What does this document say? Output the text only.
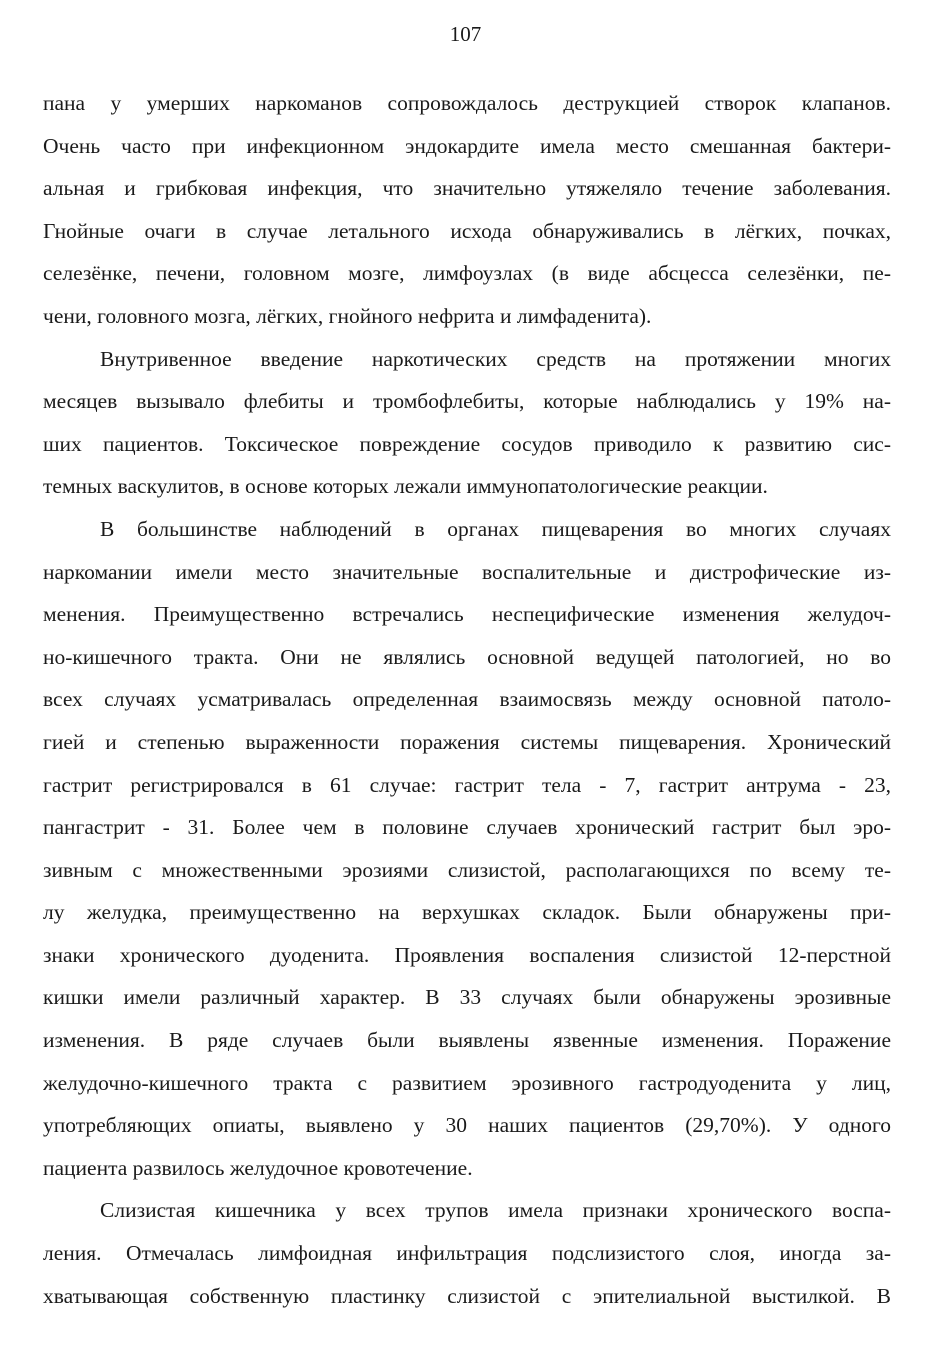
107
пана у умерших наркоманов сопровождалось деструкцией створок клапанов.
Очень часто при инфекционном эндокардите имела место смешанная бактери-
альная и грибковая инфекция, что значительно утяжеляло течение заболевания.
Гнойные очаги в случае летального исхода обнаруживались в лёгких, почках,
селезёнке, печени, головном мозге, лимфоузлах (в виде абсцесса селезёнки, пе-
чени, головного мозга, лёгких, гнойного нефрита и лимфаденита).
Внутривенное введение наркотических средств на протяжении многих
месяцев вызывало флебиты и тромбофлебиты, которые наблюдались у 19% на-
ших пациентов. Токсическое повреждение сосудов приводило к развитию сис-
темных васкулитов, в основе которых лежали иммунопатологические реакции.
В большинстве наблюдений в органах пищеварения во многих случаях
наркомании имели место значительные воспалительные и дистрофические из-
менения. Преимущественно встречались неспецифические изменения желудоч-
но-кишечного тракта. Они не являлись основной ведущей патологией, но во
всех случаях усматривалась определенная взаимосвязь между основной патоло-
гией и степенью выраженности поражения системы пищеварения. Хронический
гастрит регистрировался в 61 случае: гастрит тела - 7, гастрит антрума - 23,
пангастрит - 31. Более чем в половине случаев хронический гастрит был эро-
зивным с множественными эрозиями слизистой, располагающихся по всему те-
лу желудка, преимущественно на верхушках складок. Были обнаружены при-
знаки хронического дуоденита. Проявления воспаления слизистой 12-перстной
кишки имели различный характер. В 33 случаях были обнаружены эрозивные
изменения. В ряде случаев были выявлены язвенные изменения. Поражение
желудочно-кишечного тракта с развитием эрозивного гастродуоденита у лиц,
употребляющих опиаты, выявлено у 30 наших пациентов (29,70%). У одного
пациента развилось желудочное кровотечение.
Слизистая кишечника у всех трупов имела признаки хронического воспа-
ления. Отмечалась лимфоидная инфильтрация подслизистого слоя, иногда за-
хватывающая собственную пластинку слизистой с эпителиальной выстилкой. В
